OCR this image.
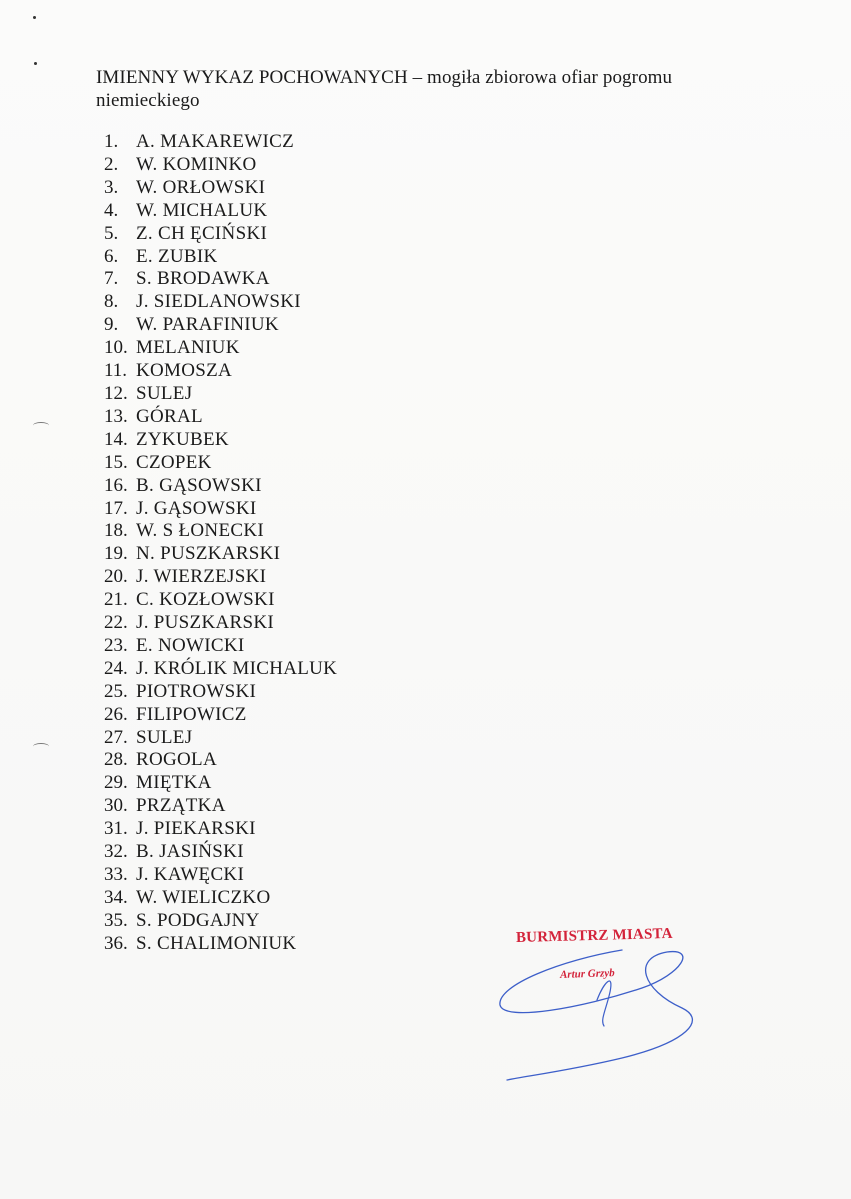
IMIENNY WYKAZ POCHOWANYCH – mogiła zbiorowa ofiar pogromu niemieckiego
1. A. MAKAREWICZ
2. W. KOMINKO
3. W. ORŁOWSKI
4. W. MICHALUK
5. Z. CH ĘCIŃSKI
6. E. ZUBIK
7. S. BRODAWKA
8. J. SIEDLANOWSKI
9. W. PARAFINIUK
10. MELANIUK
11. KOMOSZA
12. SULEJ
13. GÓRAL
14. ZYKUBEK
15. CZOPEK
16. B. GĄSOWSKI
17. J. GĄSOWSKI
18. W. S ŁONECKI
19. N. PUSZKARSKI
20. J. WIERZEJSKI
21. C. KOZŁOWSKI
22. J. PUSZKARSKI
23. E. NOWICKI
24. J. KRÓLIK MICHALUK
25. PIOTROWSKI
26. FILIPOWICZ
27. SULEJ
28. ROGOLA
29. MIĘTKA
30. PRZĄTKA
31. J. PIEKARSKI
32. B. JASIŃSKI
33. J. KAWĘCKI
34. W. WIELICZKO
35. S. PODGAJNY
36. S. CHALIMONIUK	BURMISTRZ MIASTA
Artur Grzyb
